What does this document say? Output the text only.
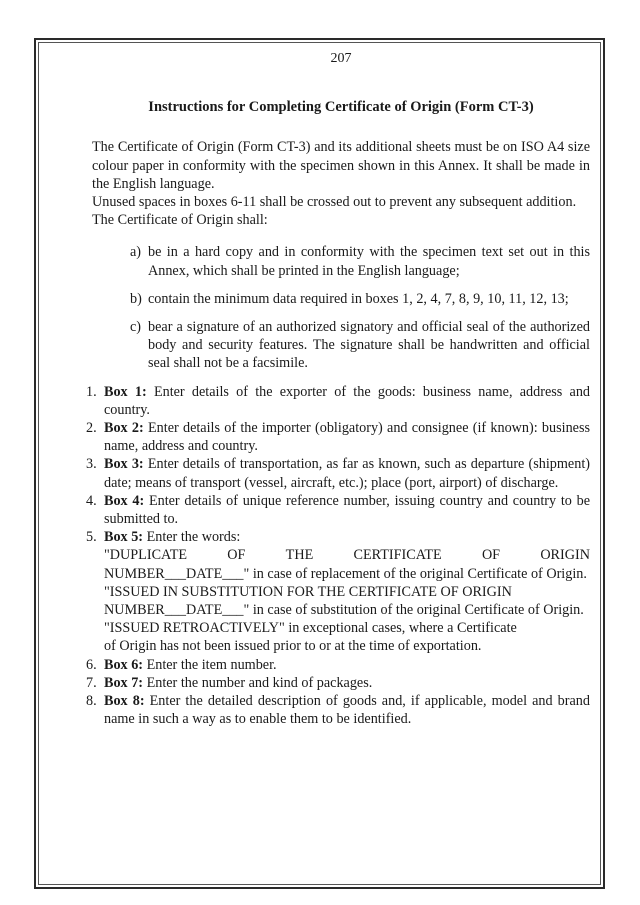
207
Instructions for Completing Certificate of Origin (Form CT-3)

The Certificate of Origin (Form CT-3) and its additional sheets must be on ISO A4 size colour paper in conformity with the specimen shown in this Annex. It shall be made in the English language.

Unused spaces in boxes 6-11 shall be crossed out to prevent any subsequent addition.

The Certificate of Origin shall:

a) be in a hard copy and in conformity with the specimen text set out in this Annex, which shall be printed in the English language;
b) contain the minimum data required in boxes 1, 2, 4, 7, 8, 9, 10, 11, 12, 13;
c) bear a signature of an authorized signatory and official seal of the authorized body and security features. The signature shall be handwritten and official seal shall not be a facsimile.
1. Box 1: Enter details of the exporter of the goods: business name, address and country.
2. Box 2: Enter details of the importer (obligatory) and consignee (if known): business name, address and country.
3. Box 3: Enter details of transportation, as far as known, such as departure (shipment) date; means of transport (vessel, aircraft, etc.); place (port, airport) of discharge.
4. Box 4: Enter details of unique reference number, issuing country and country to be submitted to.
5. Box 5: Enter the words:
"DUPLICATE	OF	THE	CERTIFICATE	OF	ORIGIN
NUMBER___DATE___" in case of replacement of the original Certificate of Origin.
"ISSUED IN SUBSTITUTION FOR THE CERTIFICATE OF ORIGIN
NUMBER___DATE___" in case of substitution of the original Certificate of Origin.
"ISSUED RETROACTIVELY" in exceptional cases, where a Certificate
of Origin has not been issued prior to or at the time of exportation.
6. Box 6: Enter the item number.
7. Box 7: Enter the number and kind of packages.
8. Box 8: Enter the detailed description of goods and, if applicable, model and brand name in such a way as to enable them to be identified.
